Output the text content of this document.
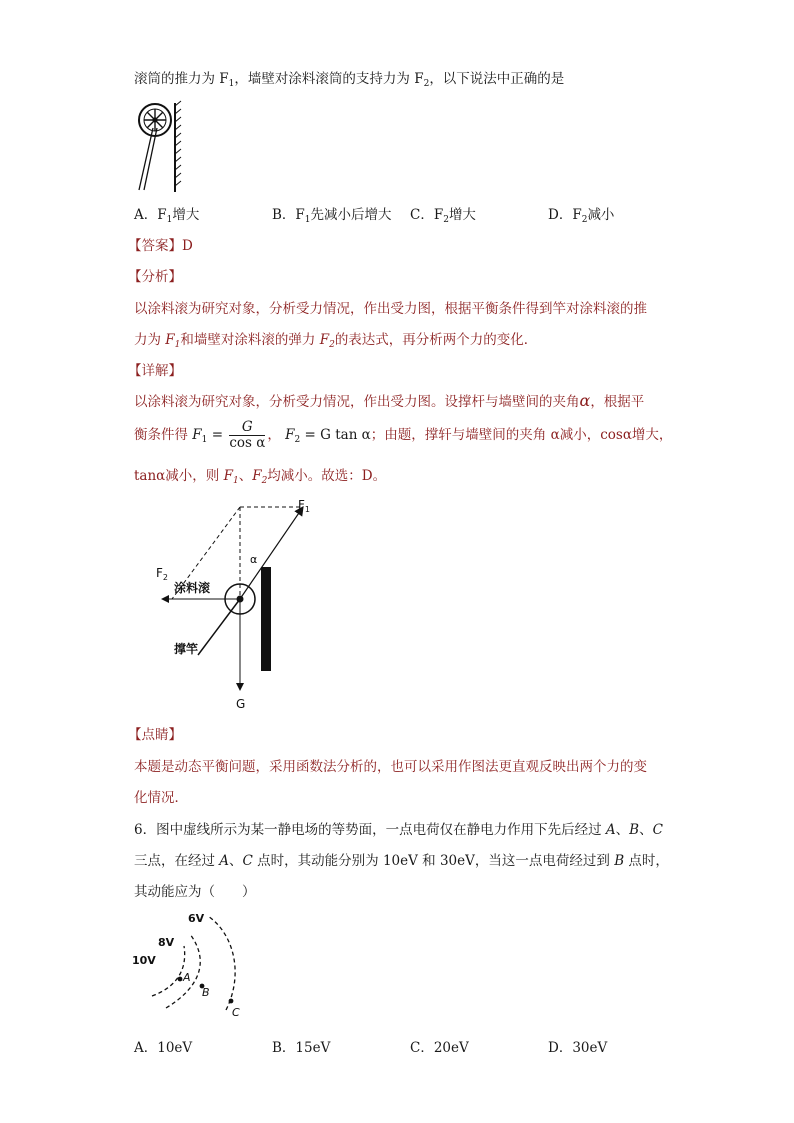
滚筒的推力为 $F_1$，墙壁对涂料滚筒的支持力为 $F_2$，以下说法中正确的是
A．$F_1$增大	B．$F_1$先减小后增大 C．$F_2$增大	D．$F_2$减小
【答案】D
【分析】
以涂料滚为研究对象，分析受力情况，作出受力图，根据平衡条件得到竿对涂料滚的推
力为 $F_1$和墙壁对涂料滚的弹力 $F_2$的表达式，再分析两个力的变化．
【详解】
以涂料滚为研究对象，分析受力情况，作出受力图。设撑杆与墙壁间的夹角α，根据平
衡条件得 $F_1 = \frac{G}{\text{cos α}}$ ， $F_2 = G$ tan α；由题，撑轩与墙壁间的夹角 α减小，cosα增大，
tanα减小，则 $F_1$、$F_2$均减小。故选：D。
$F_1$
$F_2$
α
涂料滚
撑竿
G
【点睛】
本题是动态平衡问题，采用函数法分析的，也可以采用作图法更直观反映出两个力的变
化情况．
6．图中虚线所示为某一静电场的等势面，一点电荷仅在静电力作用下先后经过 A、B、C
三点，在经过 A、C 点时，其动能分别为 10eV 和 30eV，当这一点电荷经过到 B 点时，
其动能应为（　　）
6V
8V
10V
A
B
C
A．10eV	B．15eV	C．20eV	D．30eV
